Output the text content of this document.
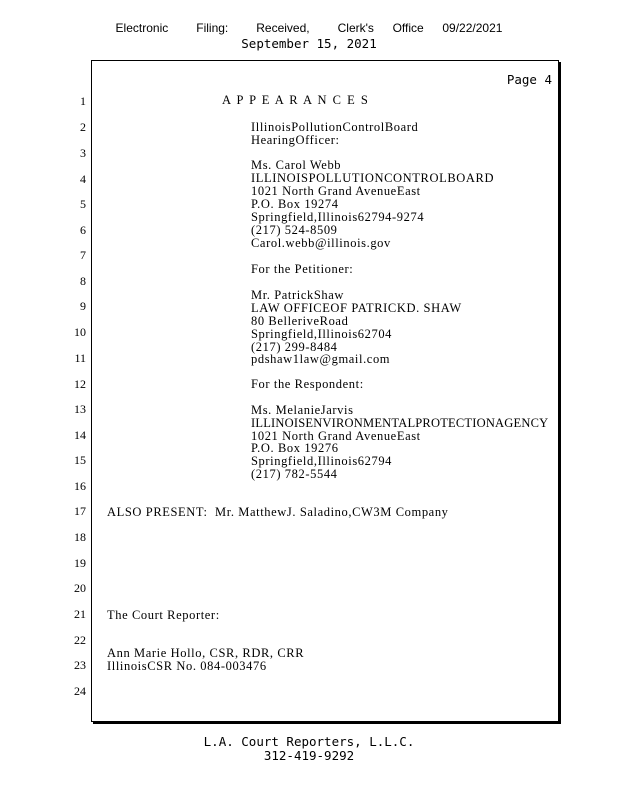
Electronic   Filing:   Received,   Clerk's  Office  09/22/2021
September 15, 2021
Page 4
1
2
3
4
5
6
7
8
9
10
11
12
13
14
15
16
17
18
19
20
21
22
23
24
A P P E A R A N C E S
IllinoisPollutionControlBoard
HearingOfficer:
Ms. Carol Webb
ILLINOISPOLLUTIONCONTROLBOARD
1021 North Grand AvenueEast
P.O. Box 19274
Springfield,Illinois62794-9274
(217) 524-8509
Carol.webb@illinois.gov
For the Petitioner:
Mr. PatrickShaw
LAW OFFICEOF PATRICKD. SHAW
80 BelleriveRoad
Springfield,Illinois62704
(217) 299-8484
pdshaw1law@gmail.com
For the Respondent:
Ms. MelanieJarvis
ILLINOISENVIRONMENTALPROTECTIONAGENCY
1021 North Grand AvenueEast
P.O. Box 19276
Springfield,Illinois62794
(217) 782-5544
ALSO PRESENT:  Mr. MatthewJ. Saladino,CW3M Company
The Court Reporter:
Ann Marie Hollo, CSR, RDR, CRR
IllinoisCSR No. 084-003476
L.A. Court Reporters, L.L.C.
312-419-9292
